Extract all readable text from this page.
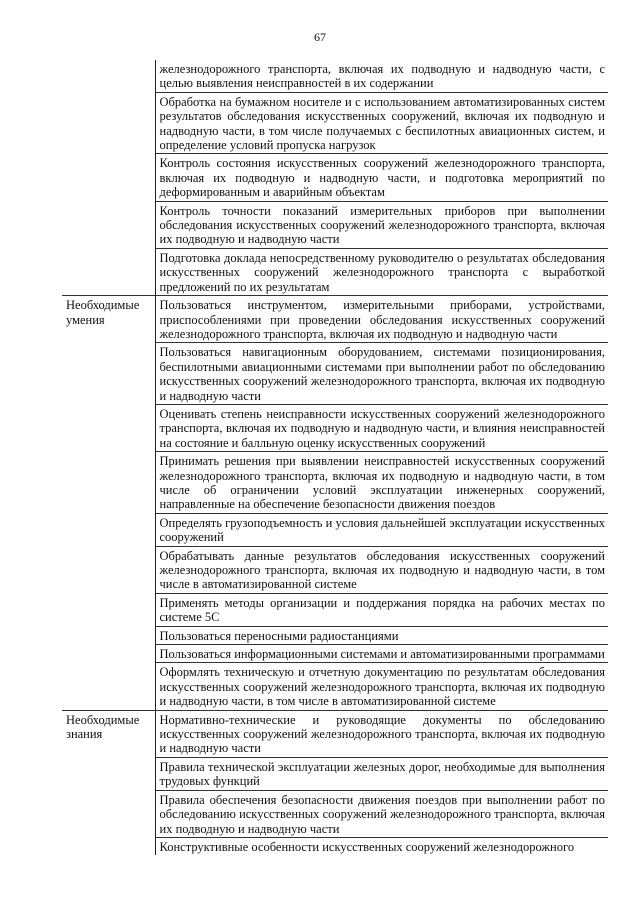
67
	железнодорожного транспорта, включая их подводную и надводную части, с целью выявления неисправностей в их содержании
	Обработка на бумажном носителе и с использованием автоматизированных систем результатов обследования искусственных сооружений, включая их подводную и надводную части, в том числе получаемых с беспилотных авиационных систем, и определение условий пропуска нагрузок
	Контроль состояния искусственных сооружений железнодорожного транспорта, включая их подводную и надводную части, и подготовка мероприятий по деформированным и аварийным объектам
	Контроль точности показаний измерительных приборов при выполнении обследования искусственных сооружений железнодорожного транспорта, включая их подводную и надводную части
	Подготовка доклада непосредственному руководителю о результатах обследования искусственных сооружений железнодорожного транспорта с выработкой предложений по их результатам

Необходимые умения	Пользоваться инструментом, измерительными приборами, устройствами, приспособлениями при проведении обследования искусственных сооружений железнодорожного транспорта, включая их подводную и надводную части
	Пользоваться навигационным оборудованием, системами позиционирования, беспилотными авиационными системами при выполнении работ по обследованию искусственных сооружений железнодорожного транспорта, включая их подводную и надводную части
	Оценивать степень неисправности искусственных сооружений железнодорожного транспорта, включая их подводную и надводную части, и влияния неисправностей на состояние и балльную оценку искусственных сооружений
	Принимать решения при выявлении неисправностей искусственных сооружений железнодорожного транспорта, включая их подводную и надводную части, в том числе об ограничении условий эксплуатации инженерных сооружений, направленные на обеспечение безопасности движения поездов
	Определять грузоподъемность и условия дальнейшей эксплуатации искусственных сооружений
	Обрабатывать данные результатов обследования искусственных сооружений железнодорожного транспорта, включая их подводную и надводную части, в том числе в автоматизированной системе
	Применять методы организации и поддержания порядка на рабочих местах по системе 5С
	Пользоваться переносными радиостанциями
	Пользоваться информационными системами и автоматизированными программами
	Оформлять техническую и отчетную документацию по результатам обследования искусственных сооружений железнодорожного транспорта, включая их подводную и надводную части, в том числе в автоматизированной системе

Необходимые знания	Нормативно-технические и руководящие документы по обследованию искусственных сооружений железнодорожного транспорта, включая их подводную и надводную части
	Правила технической эксплуатации железных дорог, необходимые для выполнения трудовых функций
	Правила обеспечения безопасности движения поездов при выполнении работ по обследованию искусственных сооружений железнодорожного транспорта, включая их подводную и надводную части
	Конструктивные особенности искусственных сооружений железнодорожного
